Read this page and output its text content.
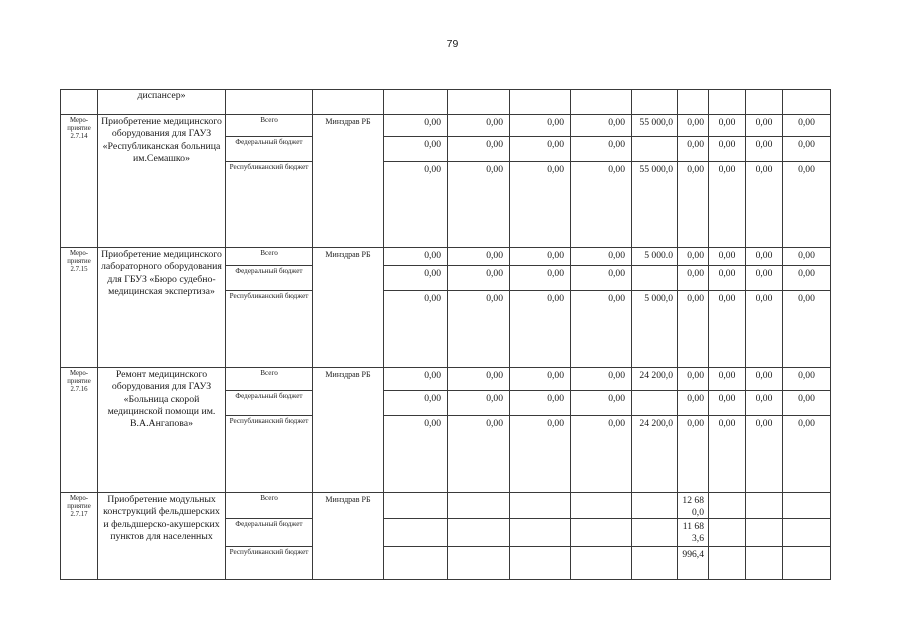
79
	диспансер»											
Меро-приятие 2.7.14	Приобретение медицинского оборудования для ГАУЗ «Республиканская больница им.Семашко»	Всего	Минздрав РБ	0,00	0,00	0,00	0,00	55 000,0	0,00	0,00	0,00	0,00
		Федеральный бюджет		0,00	0,00	0,00	0,00		0,00	0,00	0,00	0,00
		Республиканский бюджет		0,00	0,00	0,00	0,00	55 000,0	0,00	0,00	0,00	0,00
Меро-приятие 2.7.15	Приобретение медицинского лабораторного оборудования для ГБУЗ «Бюро судебно-медицинская экспертиза»	Всего	Минздрав РБ	0,00	0,00	0,00	0,00	5 000.0	0,00	0,00	0,00	0,00
		Федеральный бюджет		0,00	0,00	0,00	0,00		0,00	0,00	0,00	0,00
		Республиканский бюджет		0,00	0,00	0,00	0,00	5 000,0	0,00	0,00	0,00	0,00
Меро-приятие 2.7.16	Ремонт медицинского оборудования для ГАУЗ «Больница скорой медицинской помощи им. В.А.Ангапова»	Всего	Минздрав РБ	0,00	0,00	0,00	0,00	24 200,0	0,00	0,00	0,00	0,00
		Федеральный бюджет		0,00	0,00	0,00	0,00		0,00	0,00	0,00	0,00
		Республиканский бюджет		0,00	0,00	0,00	0,00	24 200,0	0,00	0,00	0,00	0,00
Меро-приятие 2.7.17	Приобретение модульных конструкций фельдшерских и фельдшерско-акушерских пунктов для населенных	Всего	Минздрав РБ						12 680,0			
		Федеральный бюджет							11 683,6			
		Республиканский бюджет							996,4			
